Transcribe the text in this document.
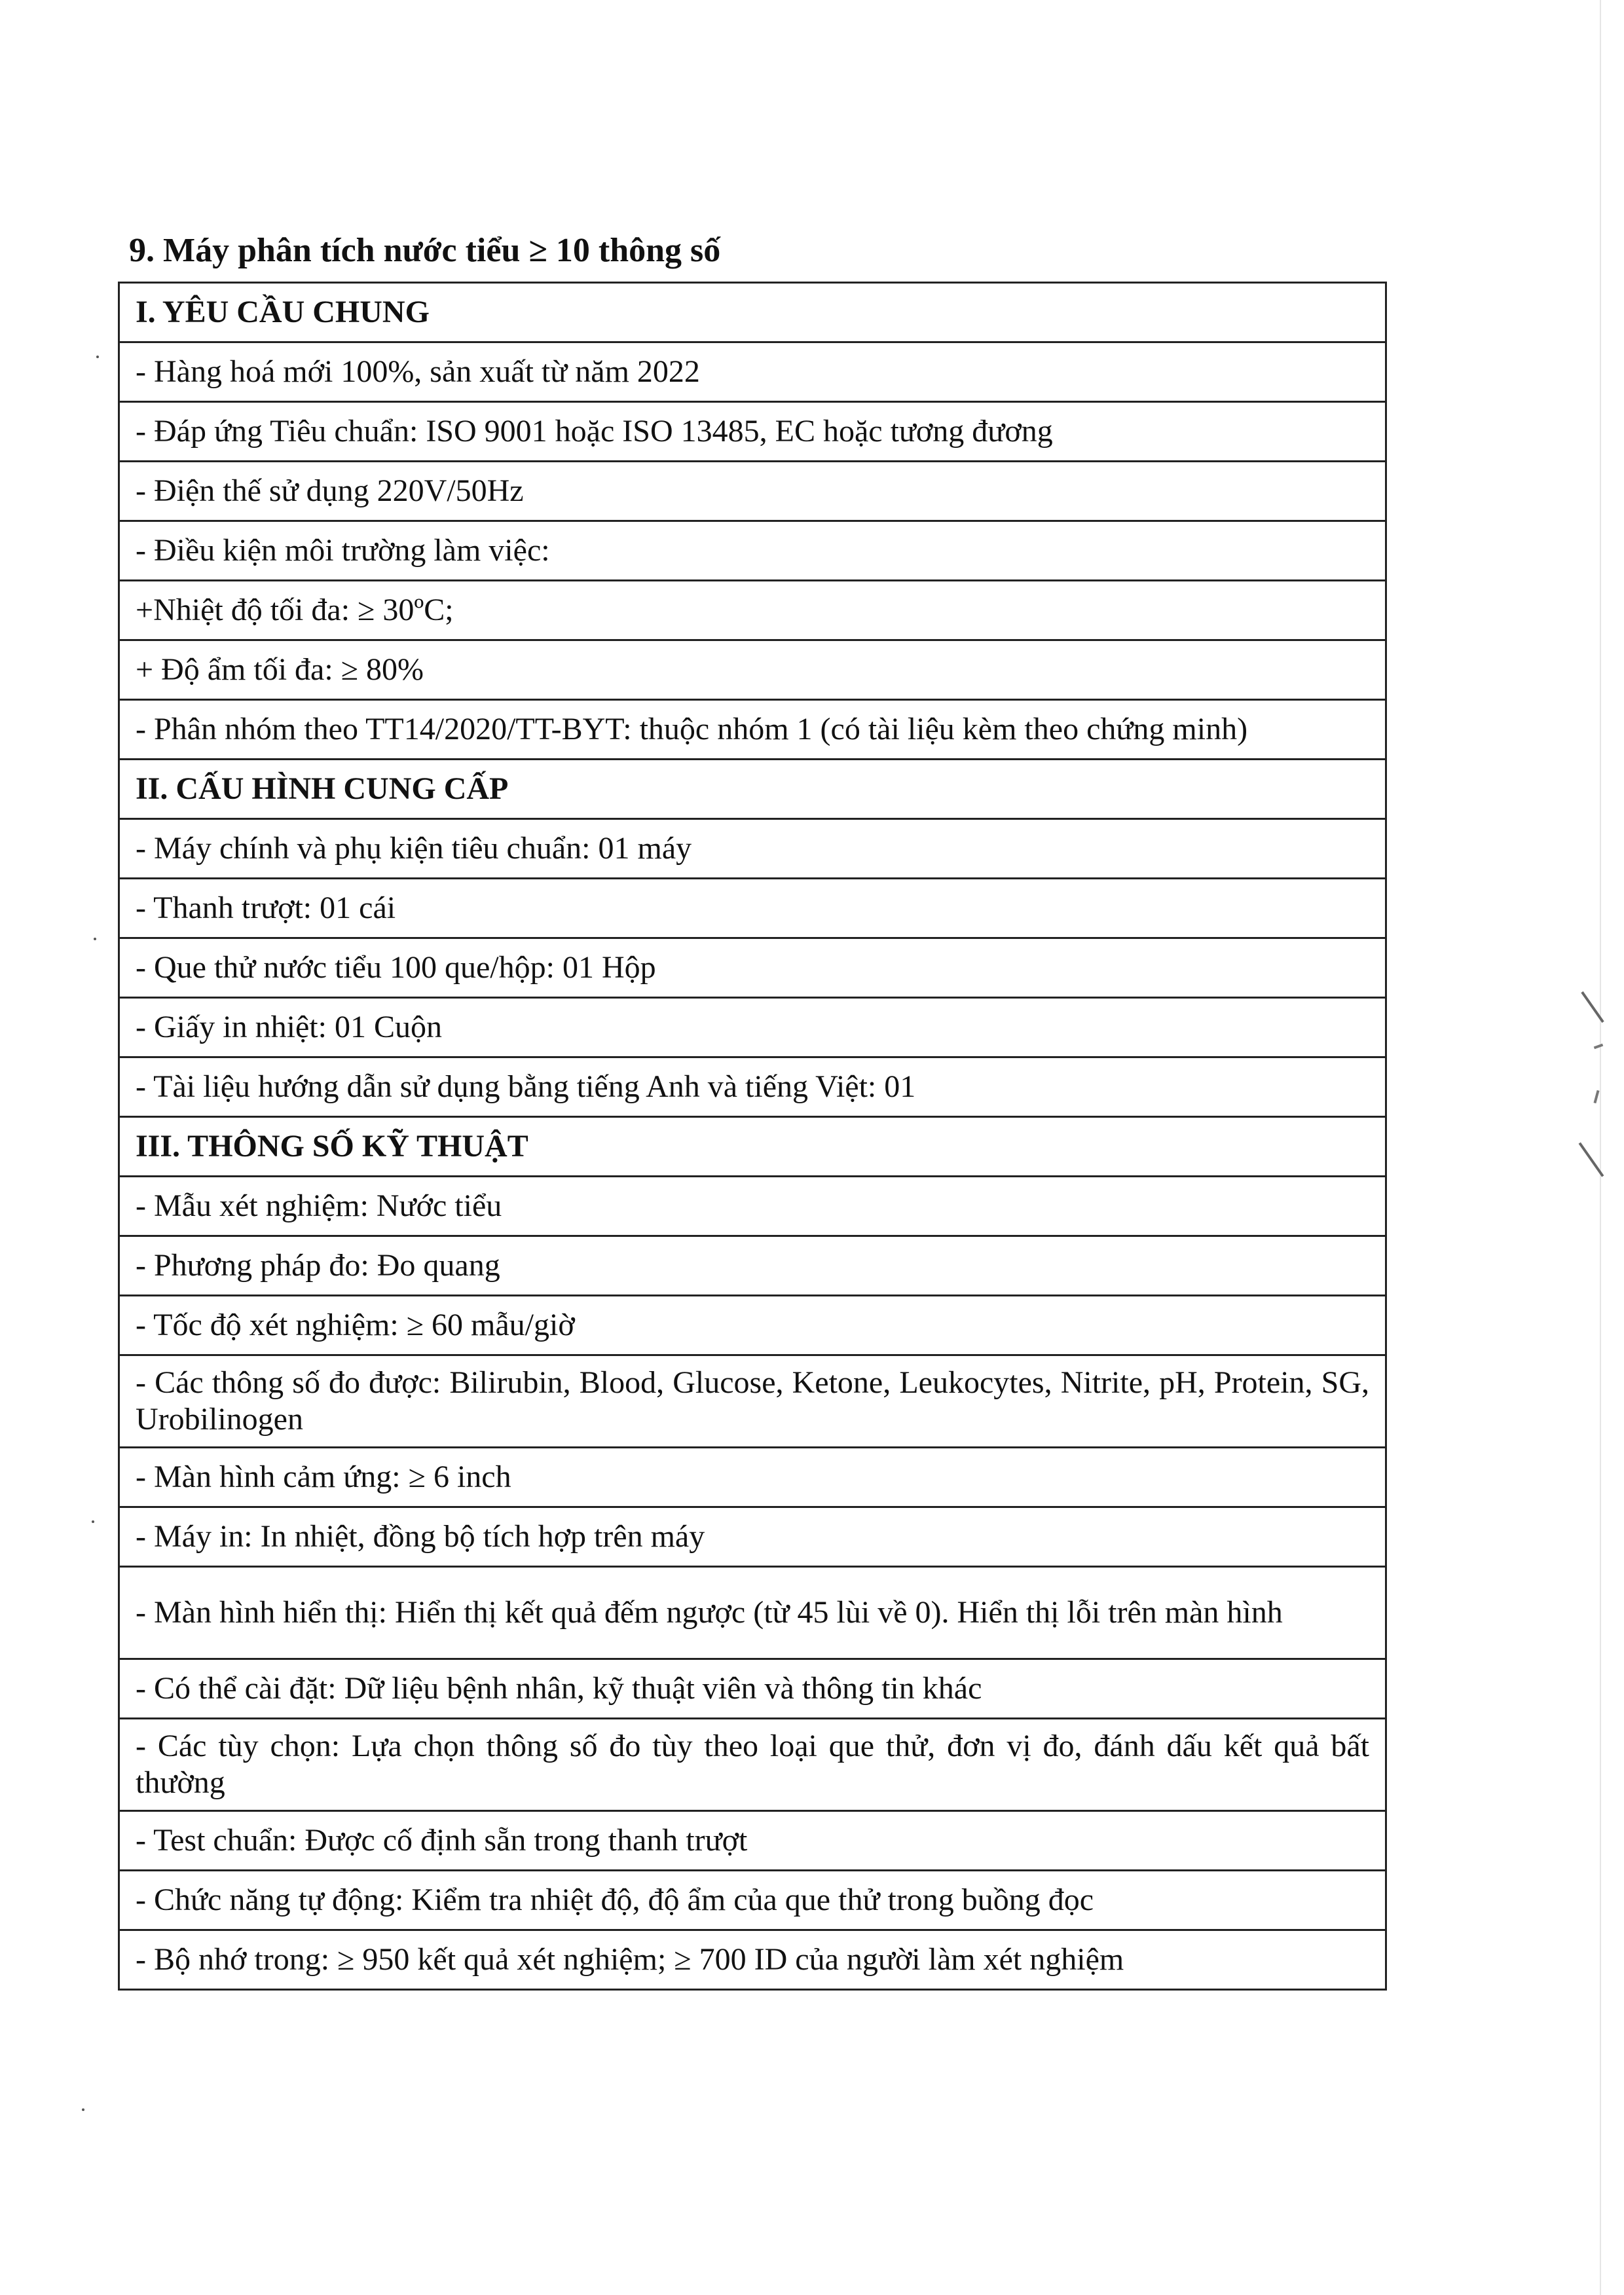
9. Máy phân tích nước tiểu ≥ 10 thông số
I. YÊU CẦU CHUNG
- Hàng hoá mới 100%, sản xuất từ năm 2022
- Đáp ứng Tiêu chuẩn: ISO 9001 hoặc ISO 13485, EC hoặc tương đương
- Điện thế sử dụng 220V/50Hz
- Điều kiện môi trường làm việc:
+Nhiệt độ tối đa: ≥ 30ºC;
+ Độ ẩm tối đa: ≥ 80%
- Phân nhóm theo TT14/2020/TT-BYT: thuộc nhóm 1 (có tài liệu kèm theo chứng minh)
II. CẤU HÌNH CUNG CẤP
- Máy chính và phụ kiện tiêu chuẩn: 01 máy
- Thanh trượt: 01 cái
- Que thử nước tiểu 100 que/hộp: 01 Hộp
- Giấy in nhiệt: 01 Cuộn
- Tài liệu hướng dẫn sử dụng bằng tiếng Anh và tiếng Việt: 01
III. THÔNG SỐ KỸ THUẬT
- Mẫu xét nghiệm: Nước tiểu
- Phương pháp đo: Đo quang
- Tốc độ xét nghiệm: ≥ 60 mẫu/giờ
- Các thông số đo được: Bilirubin, Blood, Glucose, Ketone, Leukocytes, Nitrite, pH, Protein, SG, Urobilinogen
- Màn hình cảm ứng: ≥ 6 inch
- Máy in: In nhiệt, đồng bộ tích hợp trên máy
- Màn hình hiển thị: Hiển thị kết quả đếm ngược (từ 45 lùi về 0). Hiển thị lỗi trên màn hình
- Có thể cài đặt: Dữ liệu bệnh nhân, kỹ thuật viên và thông tin khác
- Các tùy chọn: Lựa chọn thông số đo tùy theo loại que thử, đơn vị đo, đánh dấu kết quả bất thường
- Test chuẩn: Được cố định sẵn trong thanh trượt
- Chức năng tự động: Kiểm tra nhiệt độ, độ ẩm của que thử trong buồng đọc
- Bộ nhớ trong: ≥ 950 kết quả xét nghiệm; ≥ 700 ID của người làm xét nghiệm
